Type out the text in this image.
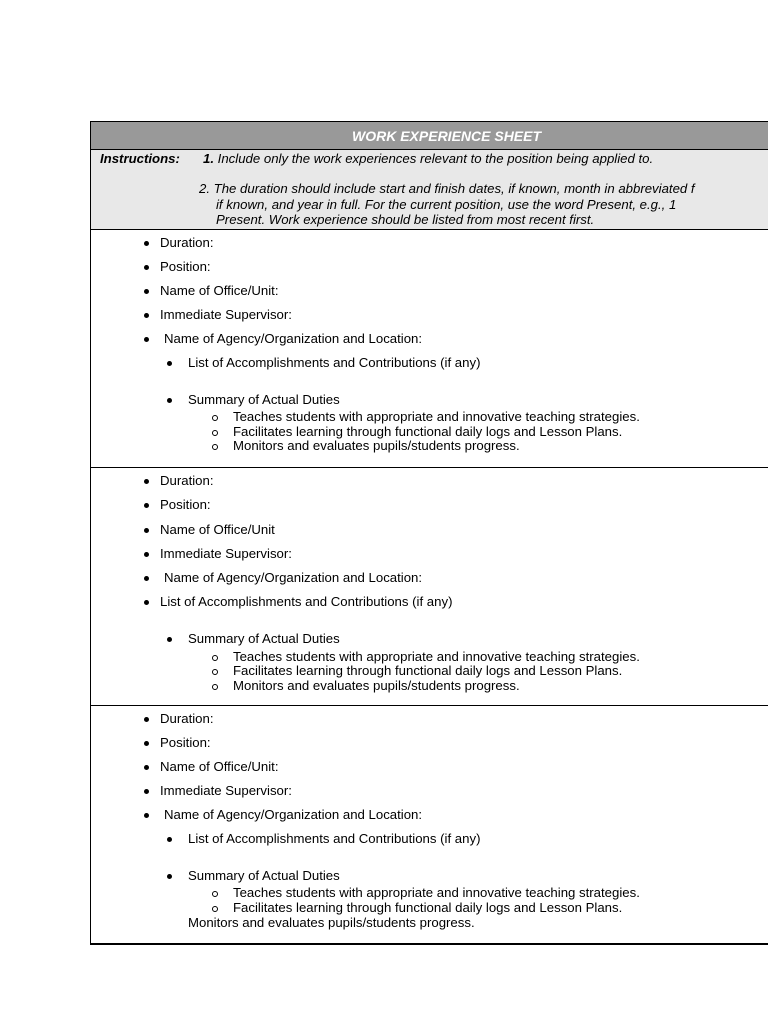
WORK EXPERIENCE SHEET
Instructions: 1. Include only the work experiences relevant to the position being applied to.
2. The duration should include start and finish dates, if known, month in abbreviated f
if known, and year in full. For the current position, use the word Present, e.g., 1
Present. Work experience should be listed from most recent first.
Duration:
Position:
Name of Office/Unit:
Immediate Supervisor:
Name of Agency/Organization and Location:
List of Accomplishments and Contributions (if any)
Summary of Actual Duties
Teaches students with appropriate and innovative teaching strategies.
Facilitates learning through functional daily logs and Lesson Plans.
Monitors and evaluates pupils/students progress.
Duration:
Position:
Name of Office/Unit
Immediate Supervisor:
Name of Agency/Organization and Location:
List of Accomplishments and Contributions (if any)
Summary of Actual Duties
Teaches students with appropriate and innovative teaching strategies.
Facilitates learning through functional daily logs and Lesson Plans.
Monitors and evaluates pupils/students progress.
Duration:
Position:
Name of Office/Unit:
Immediate Supervisor:
Name of Agency/Organization and Location:
List of Accomplishments and Contributions (if any)
Summary of Actual Duties
Teaches students with appropriate and innovative teaching strategies.
Facilitates learning through functional daily logs and Lesson Plans.
Monitors and evaluates pupils/students progress.
